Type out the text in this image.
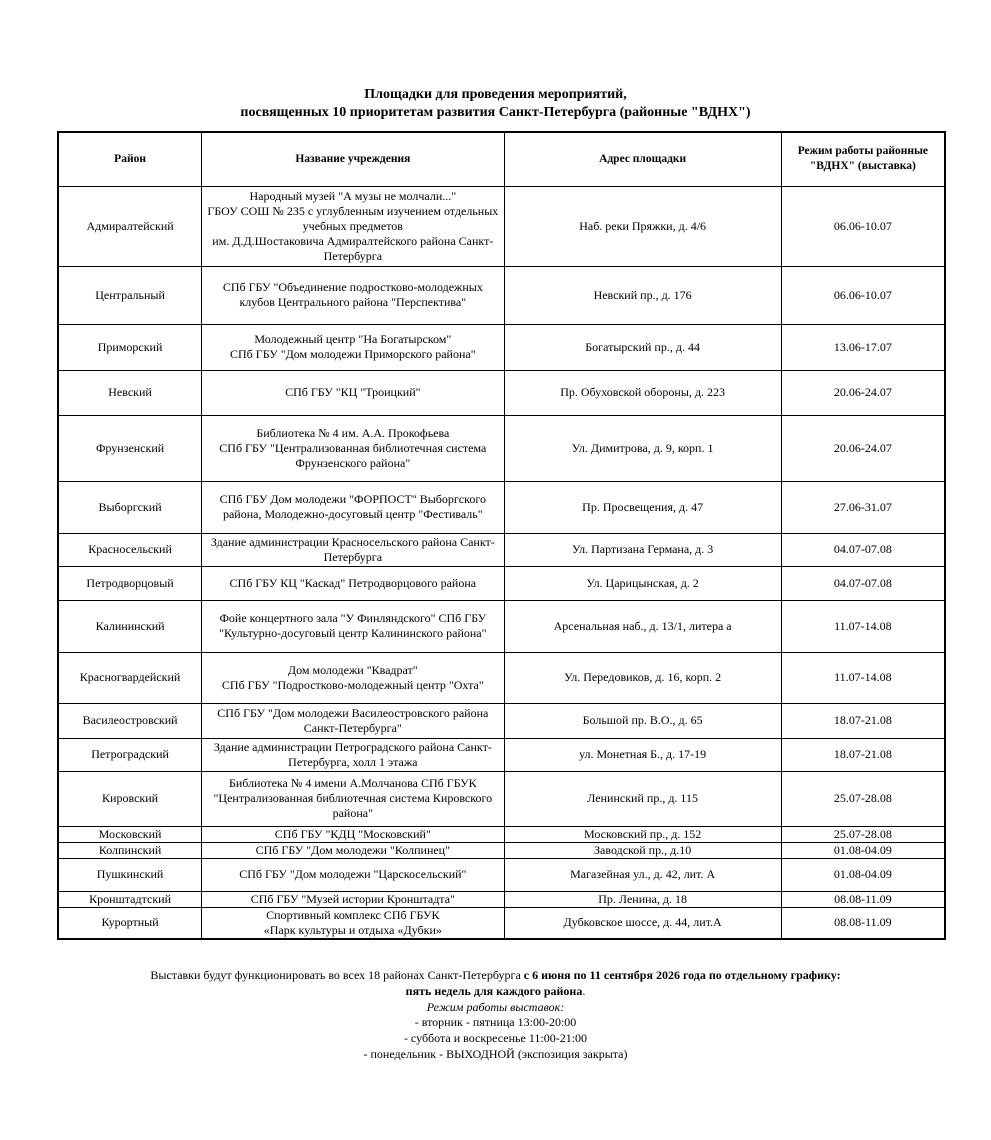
Площадки для проведения мероприятий,
посвященных 10 приоритетам развития Санкт-Петербурга (районные "ВДНХ")
Район	Название учреждения	Адрес площадки	Режим работы районные "ВДНХ" (выставка)
Адмиралтейский	Народный музей "А музы не молчали..."
ГБОУ СОШ № 235 с углубленным изучением отдельных учебных предметов
им. Д.Д.Шостаковича Адмиралтейского района Санкт-Петербурга	Наб. реки Пряжки, д. 4/6	06.06-10.07
Центральный	СПб ГБУ "Объединение подростково-молодежных клубов Центрального района "Перспектива"	Невский пр., д. 176	06.06-10.07
Приморский	Молодежный центр "На Богатырском"
СПб ГБУ "Дом молодежи Приморского района"	Богатырский пр., д. 44	13.06-17.07
Невский	СПб ГБУ "КЦ "Троицкий"	Пр. Обуховской обороны, д. 223	20.06-24.07
Фрунзенский	Библиотека № 4 им. А.А. Прокофьева
СПб ГБУ "Централизованная библиотечная система Фрунзенского района"	Ул. Димитрова, д. 9, корп. 1	20.06-24.07
Выборгский	СПб ГБУ Дом молодежи "ФОРПОСТ" Выборгского района, Молодежно-досуговый центр "Фестиваль"	Пр. Просвещения, д. 47	27.06-31.07
Красносельский	Здание администрации Красносельского района Санкт-Петербурга	Ул. Партизана Германа, д. 3	04.07-07.08
Петродворцовый	СПб ГБУ КЦ "Каскад" Петродворцового района	Ул. Царицынская, д. 2	04.07-07.08
Калининский	Фойе концертного зала "У Финляндского" СПб ГБУ "Культурно-досуговый центр Калининского района"	Арсенальная наб., д. 13/1, литера а	11.07-14.08
Красногвардейский	Дом молодежи "Квадрат"
СПб ГБУ "Подростково-молодежный центр "Охта"	Ул. Передовиков, д. 16, корп. 2	11.07-14.08
Василеостровский	СПб ГБУ "Дом молодежи Василеостровского района Санкт-Петербурга"	Большой пр. В.О., д. 65	18.07-21.08
Петроградский	Здание администрации Петроградского района Санкт-Петербурга, холл 1 этажа	ул. Монетная Б., д. 17-19	18.07-21.08
Кировский	Библиотека № 4 имени А.Молчанова СПб ГБУК "Централизованная библиотечная система Кировского района"	Ленинский пр., д. 115	25.07-28.08
Московский	СПб ГБУ "КДЦ "Московский"	Московский пр., д. 152	25.07-28.08
Колпинский	СПб ГБУ "Дом молодежи "Колпинец"	Заводской пр., д.10	01.08-04.09
Пушкинский	СПб ГБУ "Дом молодежи "Царскосельский"	Магазейная ул., д. 42, лит. А	01.08-04.09
Кронштадтский	СПб ГБУ "Музей истории Кронштадта"	Пр. Ленина, д. 18	08.08-11.09
Курортный	Спортивный комплекс СПб ГБУК
«Парк культуры и отдыха «Дубки»	Дубковское шоссе, д. 44, лит.А	08.08-11.09
Выставки будут функционировать во всех 18 районах Санкт-Петербурга с 6 июня по 11 сентября 2026 года по отдельному графику:
пять недель для каждого района.
Режим работы выставок:
- вторник - пятница 13:00-20:00
- суббота и воскресенье 11:00-21:00
- понедельник - ВЫХОДНОЙ (экспозиция закрыта)
